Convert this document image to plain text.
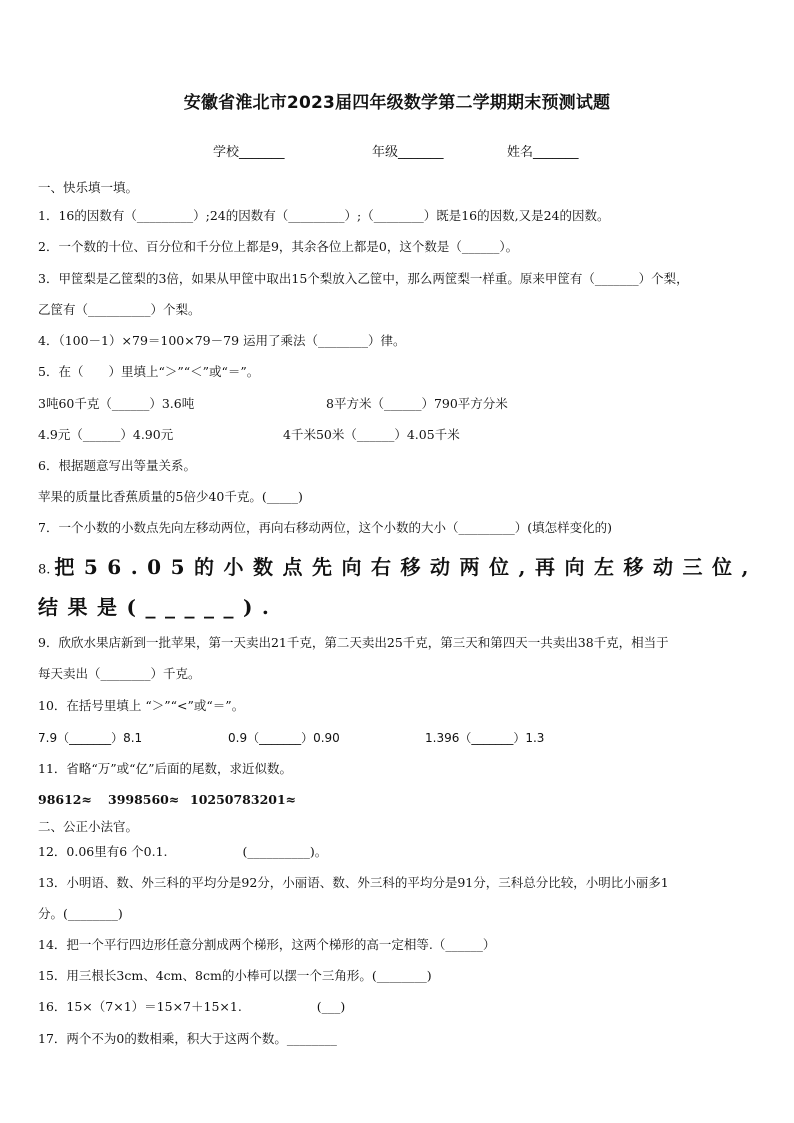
安徽省淮北市2023届四年级数学第二学期期末预测试题
学校_______	年级_______	姓名_______
一、快乐填一填。
1．16的因数有（_________）;24的因数有（_________）;（________）既是16的因数,又是24的因数。
2．一个数的十位、百分位和千分位上都是9，其余各位上都是0，这个数是（______）。
3．甲筐梨是乙筐梨的3倍，如果从甲筐中取出15个梨放入乙筐中，那么两筐梨一样重。原来甲筐有（_______）个梨，
乙筐有（__________）个梨。
4．（100－1）×79＝100×79－79 运用了乘法（________）律。
5．在（　　）里填上“＞”“＜”或“＝”。
3吨60千克（______）3.6吨	8平方米（______）790平方分米
4.9元（______）4.90元	4千米50米（______）4.05千米
6．根据题意写出等量关系。
苹果的质量比香蕉质量的5倍少40千克。(_____)
7．一个小数的小数点先向左移动两位，再向右移动两位，这个小数的大小（_________）(填怎样变化的)
8. 把56.05的小数点先向右移动两位,再向左移动三位,
结果是(_____).
9．欣欣水果店新到一批苹果，第一天卖出21千克，第二天卖出25千克，第三天和第四天一共卖出38千克，相当于
每天卖出（________）千克。
10．在括号里填上 “＞”“<”或“＝”。
7.9（_______）8.1	0.9（_______）0.90	1.396（_______）1.3
11．省略“万”或“亿”后面的尾数，求近似数。
98612≈ 3998560≈ 10250783201≈
二、公正小法官。
12．0.06里有6 个0.1.　　　　　　(__________)。
13．小明语、数、外三科的平均分是92分，小丽语、数、外三科的平均分是91分，三科总分比较，小明比小丽多1
分。(________)
14．把一个平行四边形任意分割成两个梯形，这两个梯形的高一定相等.（______）
15．用三根长3cm、4cm、8cm的小棒可以摆一个三角形。(________)
16．15×（7×1）＝15×7＋15×1.　　　　　　(___)
17．两个不为0的数相乘，积大于这两个数。________
